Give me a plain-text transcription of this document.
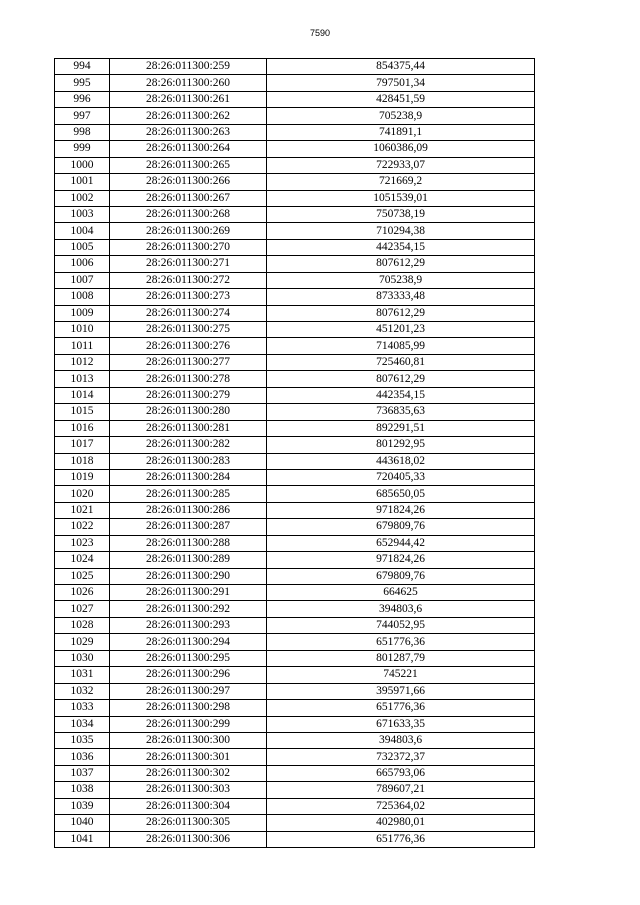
7590
994	28:26:011300:259	854375,44
995	28:26:011300:260	797501,34
996	28:26:011300:261	428451,59
997	28:26:011300:262	705238,9
998	28:26:011300:263	741891,1
999	28:26:011300:264	1060386,09
1000	28:26:011300:265	722933,07
1001	28:26:011300:266	721669,2
1002	28:26:011300:267	1051539,01
1003	28:26:011300:268	750738,19
1004	28:26:011300:269	710294,38
1005	28:26:011300:270	442354,15
1006	28:26:011300:271	807612,29
1007	28:26:011300:272	705238,9
1008	28:26:011300:273	873333,48
1009	28:26:011300:274	807612,29
1010	28:26:011300:275	451201,23
1011	28:26:011300:276	714085,99
1012	28:26:011300:277	725460,81
1013	28:26:011300:278	807612,29
1014	28:26:011300:279	442354,15
1015	28:26:011300:280	736835,63
1016	28:26:011300:281	892291,51
1017	28:26:011300:282	801292,95
1018	28:26:011300:283	443618,02
1019	28:26:011300:284	720405,33
1020	28:26:011300:285	685650,05
1021	28:26:011300:286	971824,26
1022	28:26:011300:287	679809,76
1023	28:26:011300:288	652944,42
1024	28:26:011300:289	971824,26
1025	28:26:011300:290	679809,76
1026	28:26:011300:291	664625
1027	28:26:011300:292	394803,6
1028	28:26:011300:293	744052,95
1029	28:26:011300:294	651776,36
1030	28:26:011300:295	801287,79
1031	28:26:011300:296	745221
1032	28:26:011300:297	395971,66
1033	28:26:011300:298	651776,36
1034	28:26:011300:299	671633,35
1035	28:26:011300:300	394803,6
1036	28:26:011300:301	732372,37
1037	28:26:011300:302	665793,06
1038	28:26:011300:303	789607,21
1039	28:26:011300:304	725364,02
1040	28:26:011300:305	402980,01
1041	28:26:011300:306	651776,36
